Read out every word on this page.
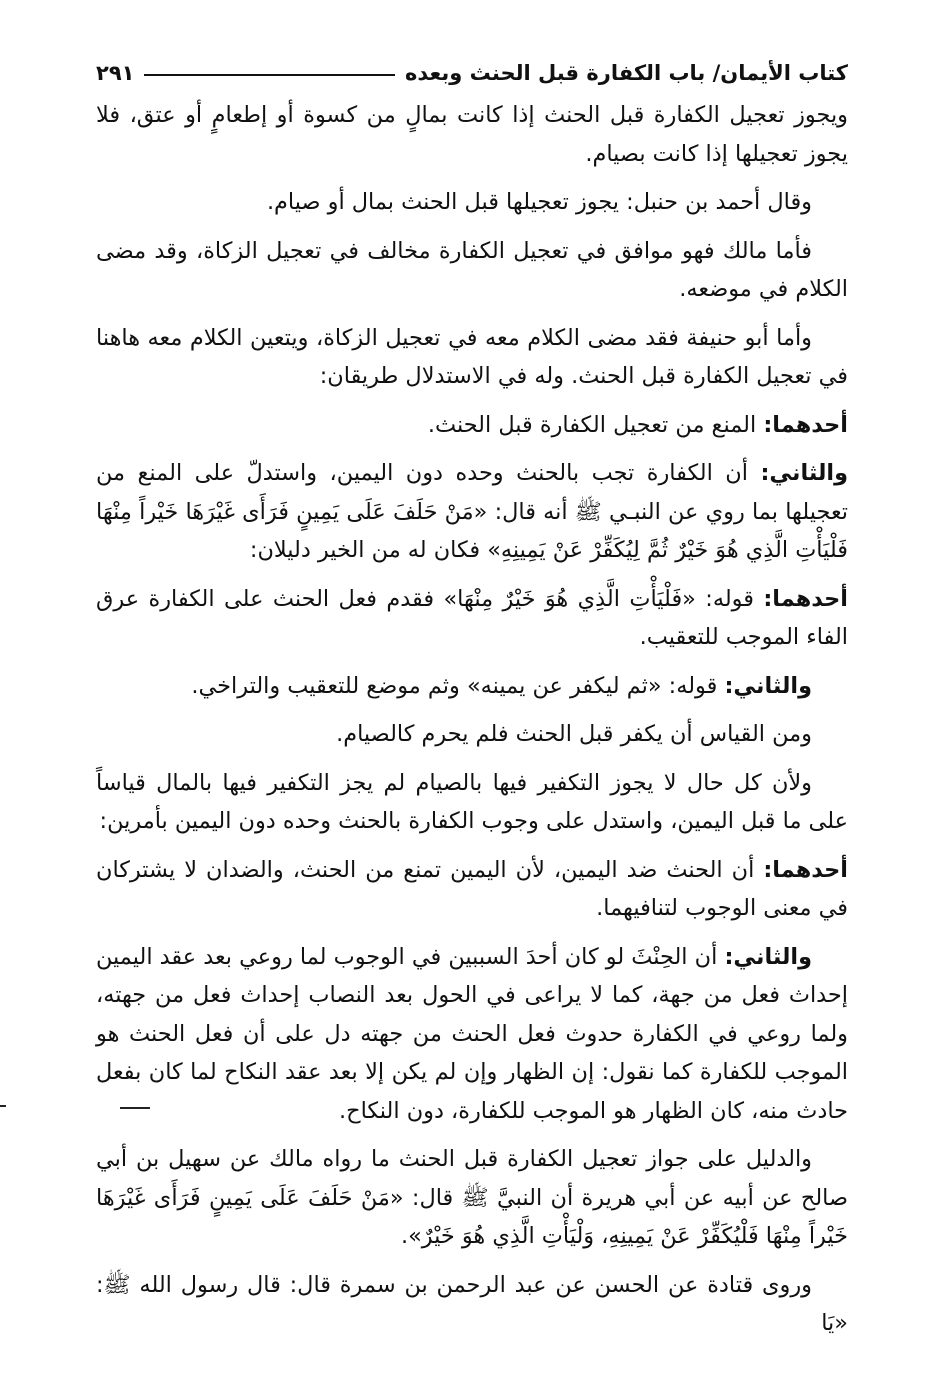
كتاب الأيمان/ باب الكفارة قبل الحنث وبعده
٢٩١

ويجوز تعجيل الكفارة قبل الحنث إذا كانت بمالٍ من كسوة أو إطعامٍ أو عتق، فلا يجوز تعجيلها إذا كانت بصيام.

وقال أحمد بن حنبل: يجوز تعجيلها قبل الحنث بمال أو صيام.

فأما مالك فهو موافق في تعجيل الكفارة مخالف في تعجيل الزكاة، وقد مضى الكلام في موضعه.

وأما أبو حنيفة فقد مضى الكلام معه في تعجيل الزكاة، ويتعين الكلام معه هاهنا في تعجيل الكفارة قبل الحنث. وله في الاستدلال طريقان:

أحدهما: المنع من تعجيل الكفارة قبل الحنث.

والثاني: أن الكفارة تجب بالحنث وحده دون اليمين، واستدلّ على المنع من تعجيلها بما روي عن النبـي ﷺ أنه قال: «مَنْ حَلَفَ عَلَى يَمِينٍ فَرَأَى غَيْرَهَا خَيْراً مِنْهَا فَلْيَأْتِ الَّذِي هُوَ خَيْرٌ ثُمَّ لِيُكَفِّرْ عَنْ يَمِينِهِ» فكان له من الخير دليلان:

أحدهما: قوله: «فَلْيَأْتِ الَّذِي هُوَ خَيْرٌ مِنْهَا» فقدم فعل الحنث على الكفارة عرق الفاء الموجب للتعقيب.

والثاني: قوله: «ثم ليكفر عن يمينه» وثم موضع للتعقيب والتراخي.

ومن القياس أن يكفر قبل الحنث فلم يحرم كالصيام.

ولأن كل حال لا يجوز التكفير فيها بالصيام لم يجز التكفير فيها بالمال قياساً على ما قبل اليمين، واستدل على وجوب الكفارة بالحنث وحده دون اليمين بأمرين:

أحدهما: أن الحنث ضد اليمين، لأن اليمين تمنع من الحنث، والضدان لا يشتركان في معنى الوجوب لتنافيهما.

والثاني: أن الحِنْثَ لو كان أحدَ السببين في الوجوب لما روعي بعد عقد اليمين إحداث فعل من جهة، كما لا يراعى في الحول بعد النصاب إحداث فعل من جهته، ولما روعي في الكفارة حدوث فعل الحنث من جهته دل على أن فعل الحنث هو الموجب للكفارة كما نقول: إن الظهار وإن لم يكن إلا بعد عقد النكاح لما كان بفعل حادث منه، كان الظهار هو الموجب للكفارة، دون النكاح.

والدليل على جواز تعجيل الكفارة قبل الحنث ما رواه مالك عن سهيل بن أبي صالح عن أبيه عن أبي هريرة أن النبيَّ ﷺ قال: «مَنْ حَلَفَ عَلَى يَمِينٍ فَرَأَى غَيْرَهَا خَيْراً مِنْهَا فَلْيُكَفِّرْ عَنْ يَمِينِهِ، وَلْيَأْتِ الَّذِي هُوَ خَيْرٌ».

وروى قتادة عن الحسن عن عبد الرحمن بن سمرة قال: قال رسول الله ﷺ: «يَا
